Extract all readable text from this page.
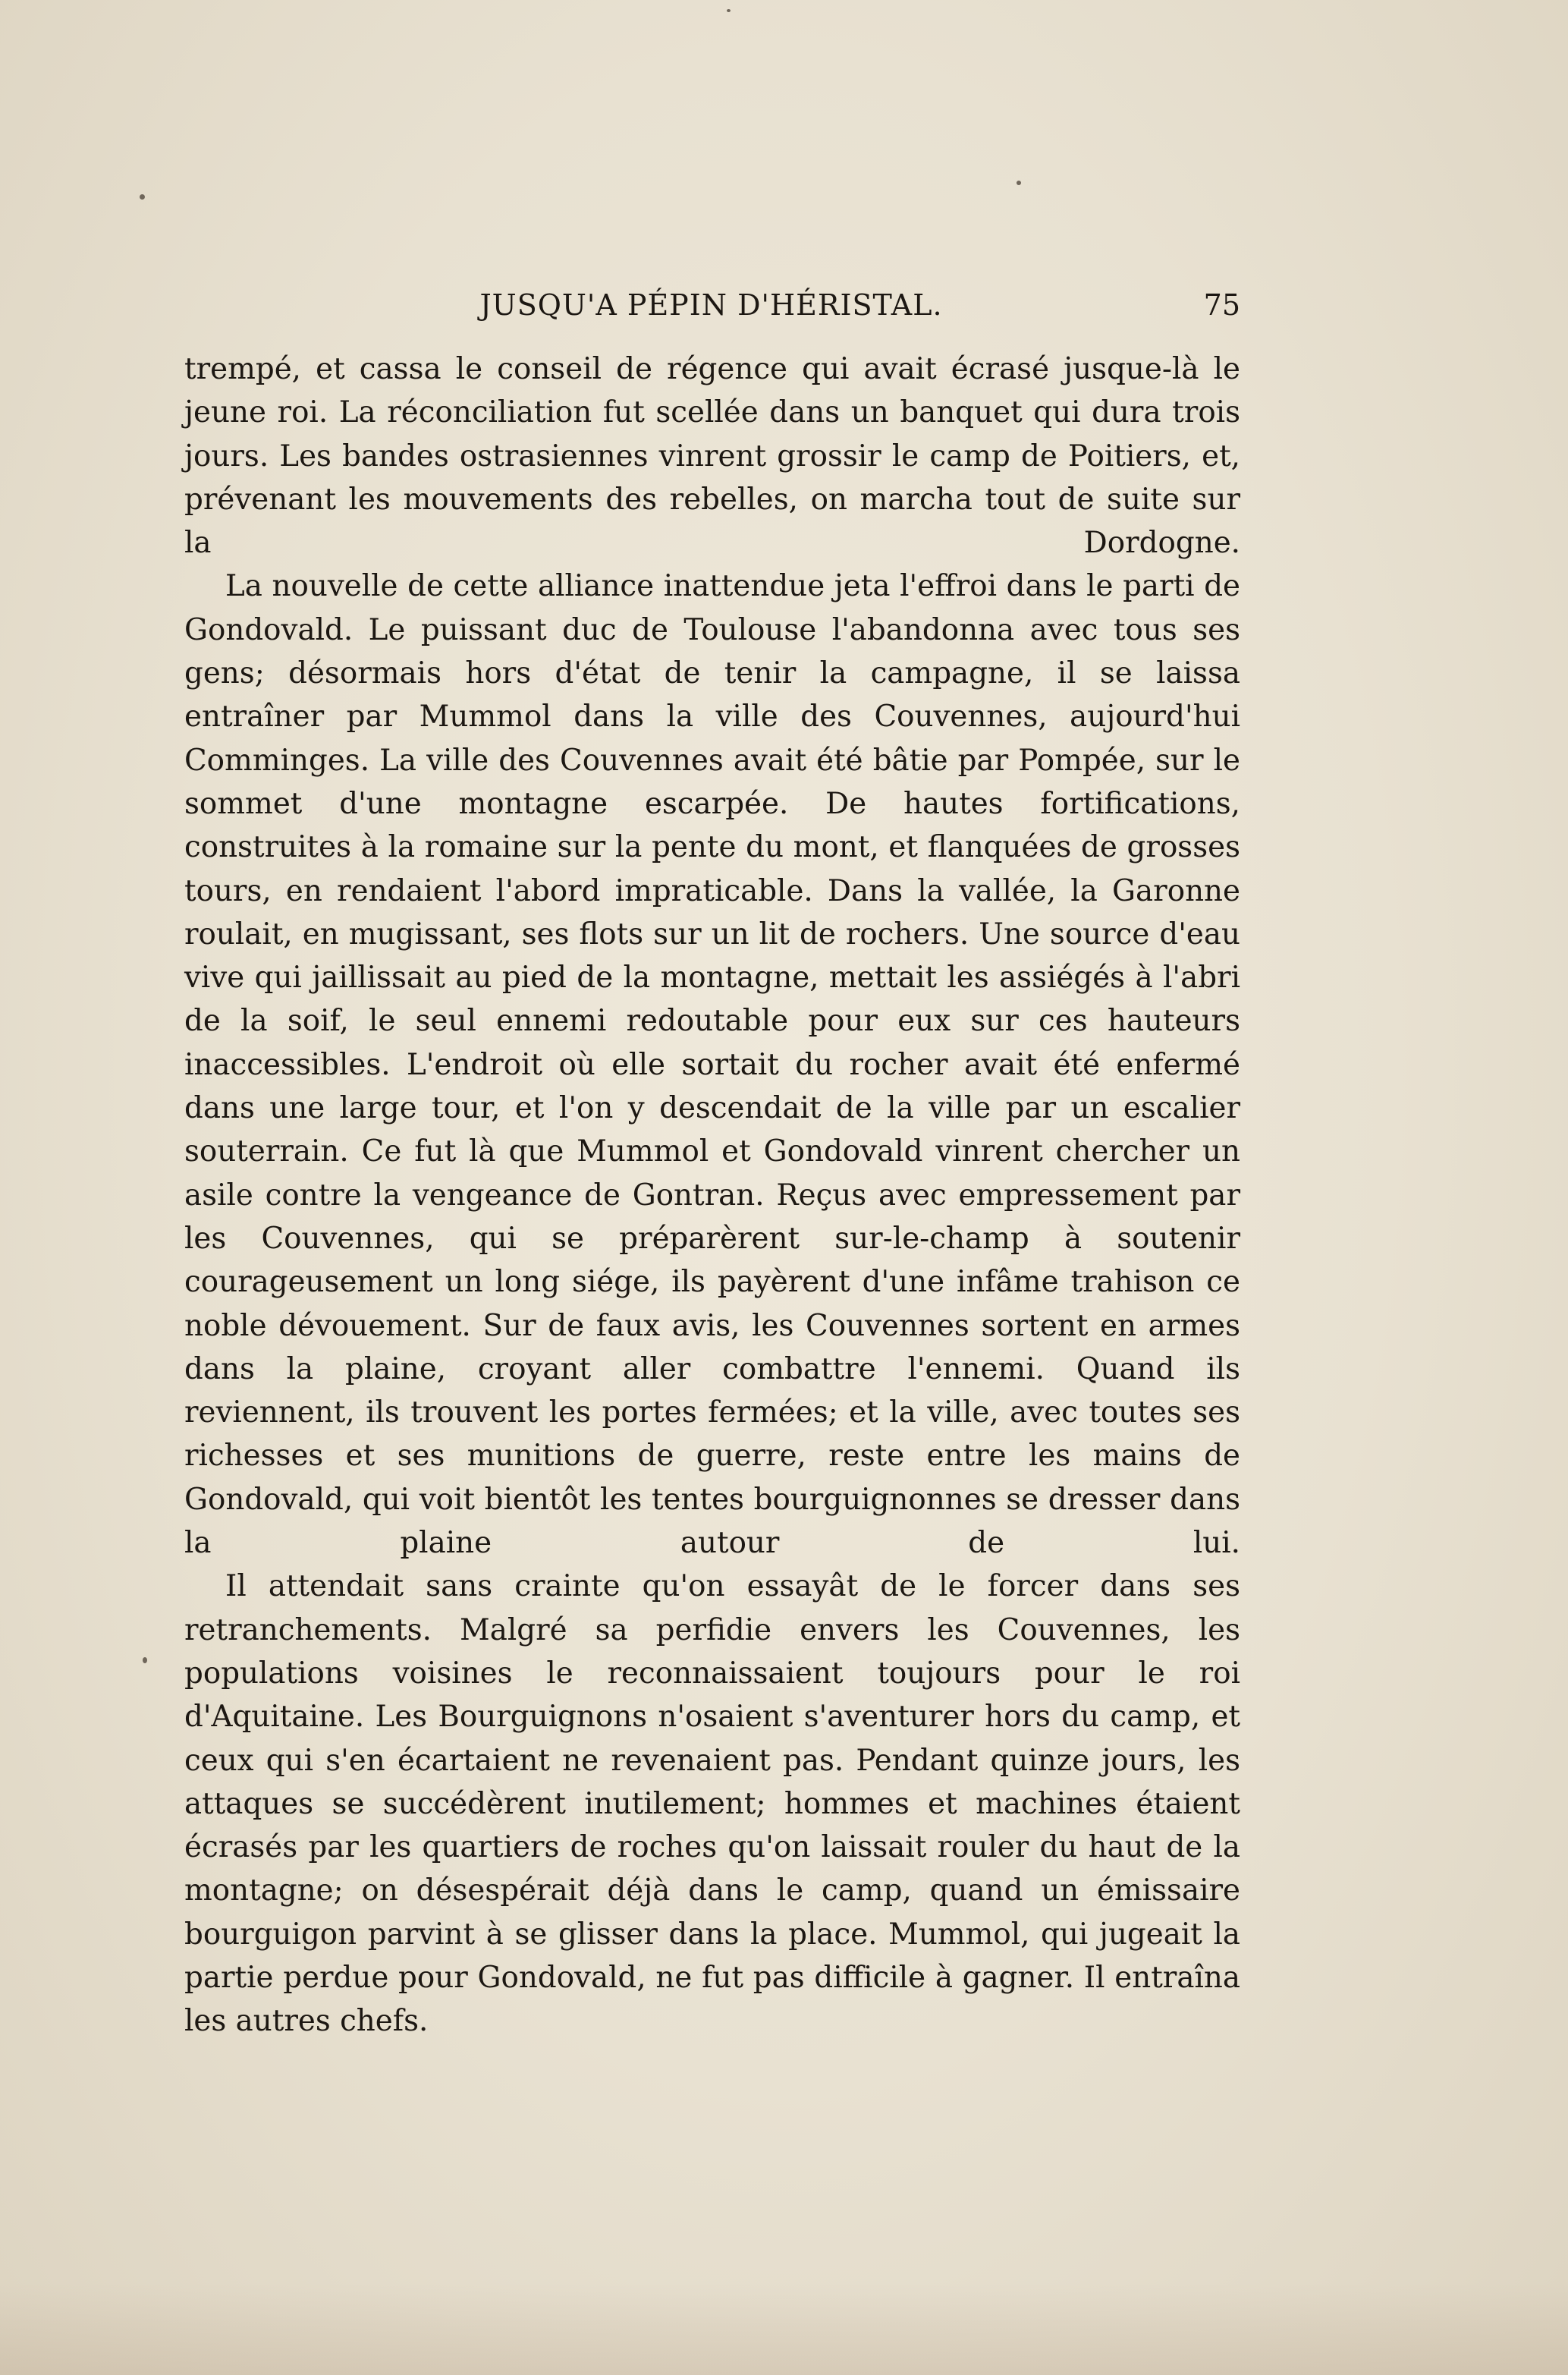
JUSQU'A PÉPIN D'HÉRISTAL.	75

trempé, et cassa le conseil de régence qui avait écrasé jusque-là le jeune roi. La réconciliation fut scellée dans un banquet qui dura trois jours. Les bandes ostrasiennes vinrent grossir le camp de Poitiers, et, prévenant les mouvements des rebelles, on marcha tout de suite sur la Dordogne.

La nouvelle de cette alliance inattendue jeta l'effroi dans le parti de Gondovald. Le puissant duc de Toulouse l'abandonna avec tous ses gens; désormais hors d'état de tenir la campagne, il se laissa entraîner par Mummol dans la ville des Couvennes, aujourd'hui Comminges. La ville des Couvennes avait été bâtie par Pompée, sur le sommet d'une montagne escarpée. De hautes fortifications, construites à la romaine sur la pente du mont, et flanquées de grosses tours, en rendaient l'abord impraticable. Dans la vallée, la Garonne roulait, en mugissant, ses flots sur un lit de rochers. Une source d'eau vive qui jaillissait au pied de la montagne, mettait les assiégés à l'abri de la soif, le seul ennemi redoutable pour eux sur ces hauteurs inaccessibles. L'endroit où elle sortait du rocher avait été enfermé dans une large tour, et l'on y descendait de la ville par un escalier souterrain. Ce fut là que Mummol et Gondovald vinrent chercher un asile contre la vengeance de Gontran. Reçus avec empressement par les Couvennes, qui se préparèrent sur-le-champ à soutenir courageusement un long siége, ils payèrent d'une infâme trahison ce noble dévouement. Sur de faux avis, les Couvennes sortent en armes dans la plaine, croyant aller combattre l'ennemi. Quand ils reviennent, ils trouvent les portes fermées; et la ville, avec toutes ses richesses et ses munitions de guerre, reste entre les mains de Gondovald, qui voit bientôt les tentes bourguignonnes se dresser dans la plaine autour de lui.

Il attendait sans crainte qu'on essayât de le forcer dans ses retranchements. Malgré sa perfidie envers les Couvennes, les populations voisines le reconnaissaient toujours pour le roi d'Aquitaine. Les Bourguignons n'osaient s'aventurer hors du camp, et ceux qui s'en écartaient ne revenaient pas. Pendant quinze jours, les attaques se succédèrent inutilement; hommes et machines étaient écrasés par les quartiers de roches qu'on laissait rouler du haut de la montagne; on désespérait déjà dans le camp, quand un émissaire bourguigon parvint à se glisser dans la place. Mummol, qui jugeait la partie perdue pour Gondovald, ne fut pas difficile à gagner. Il entraîna les autres chefs.
